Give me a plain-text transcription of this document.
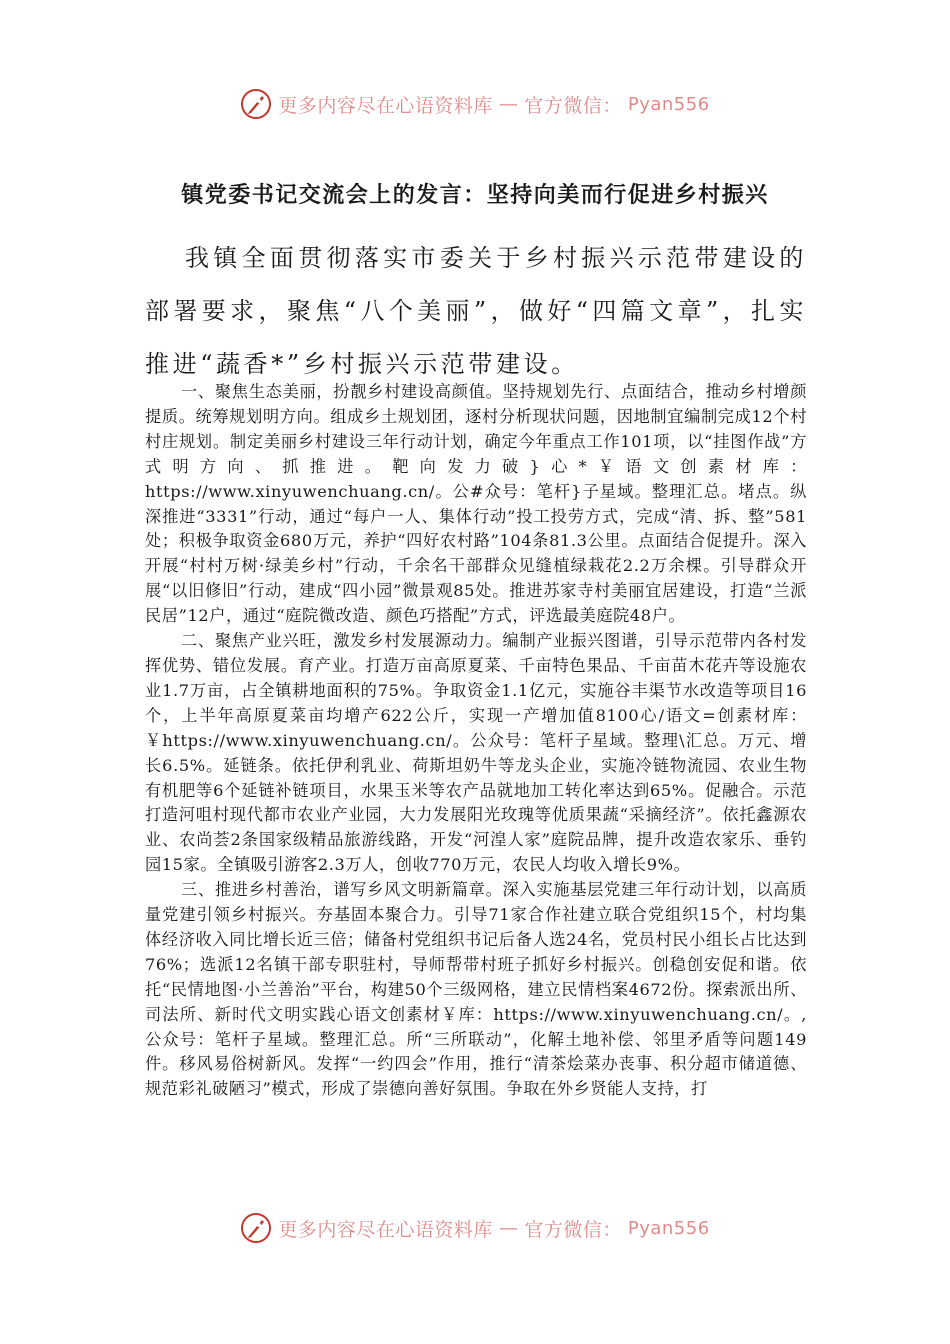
更多内容尽在心语资料库 — 官方微信： Pyan556
镇党委书记交流会上的发言：坚持向美而行促进乡村振兴

我镇全面贯彻落实市委关于乡村振兴示范带建设的部署要求，聚焦“八个美丽”，做好“四篇文章”，扎实推进“蔬香*”乡村振兴示范带建设。

一、聚焦生态美丽，扮靓乡村建设高颜值。坚持规划先行、点面结合，推动乡村增颜提质。统筹规划明方向。组成乡土规划团，逐村分析现状问题，因地制宜编制完成12个村村庄规划。制定美丽乡村建设三年行动计划，确定今年重点工作101项，以“挂图作战”方式明方向、抓推进。靶向发力破}心*￥语文创素材库：https://www.xinyuwenchuang.cn/。公#众号：笔杆}子星域。整理汇总。堵点。纵深推进“3331”行动，通过“每户一人、集体行动”投工投劳方式，完成“清、拆、整”581处；积极争取资金680万元，养护“四好农村路”104条81.3公里。点面结合促提升。深入开展“村村万树·绿美乡村”行动，千余名干部群众见缝植绿栽花2.2万余棵。引导群众开展“以旧修旧”行动，建成“四小园”微景观85处。推进苏家寺村美丽宜居建设，打造“兰派民居”12户，通过“庭院微改造、颜色巧搭配”方式，评选最美庭院48户。

二、聚焦产业兴旺，激发乡村发展源动力。编制产业振兴图谱，引导示范带内各村发挥优势、错位发展。育产业。打造万亩高原夏菜、千亩特色果品、千亩苗木花卉等设施农业1.7万亩，占全镇耕地面积的75%。争取资金1.1亿元，实施谷丰渠节水改造等项目16个，上半年高原夏菜亩均增产622公斤，实现一产增加值8100心/语文=创素材库：￥https://www.xinyuwenchuang.cn/。公众号：笔杆子星域。整理\汇总。万元、增长6.5%。延链条。依托伊利乳业、荷斯坦奶牛等龙头企业，实施冷链物流园、农业生物有机肥等6个延链补链项目，水果玉米等农产品就地加工转化率达到65%。促融合。示范打造河咀村现代都市农业产业园，大力发展阳光玫瑰等优质果蔬“采摘经济”。依托鑫源农业、农尚荟2条国家级精品旅游线路，开发“河湟人家”庭院品牌，提升改造农家乐、垂钓园15家。全镇吸引游客2.3万人，创收770万元，农民人均收入增长9%。

三、推进乡村善治，谱写乡风文明新篇章。深入实施基层党建三年行动计划，以高质量党建引领乡村振兴。夯基固本聚合力。引导71家合作社建立联合党组织15个，村均集体经济收入同比增长近三倍；储备村党组织书记后备人选24名，党员村民小组长占比达到76%；选派12名镇干部专职驻村，导师帮带村班子抓好乡村振兴。创稳创安促和谐。依托“民情地图·小兰善治”平台，构建50个三级网格，建立民情档案4672份。探索派出所、司法所、新时代文明实践心语文创素材￥库：https://www.xinyuwenchuang.cn/。,公众号：笔杆子星域。整理汇总。所“三所联动”，化解土地补偿、邻里矛盾等问题149件。移风易俗树新风。发挥“一约四会”作用，推行“清茶烩菜办丧事、积分超市储道德、规范彩礼破陋习”模式，形成了崇德向善好氛围。争取在外乡贤能人支持，打

更多内容尽在心语资料库 — 官方微信： Pyan556
